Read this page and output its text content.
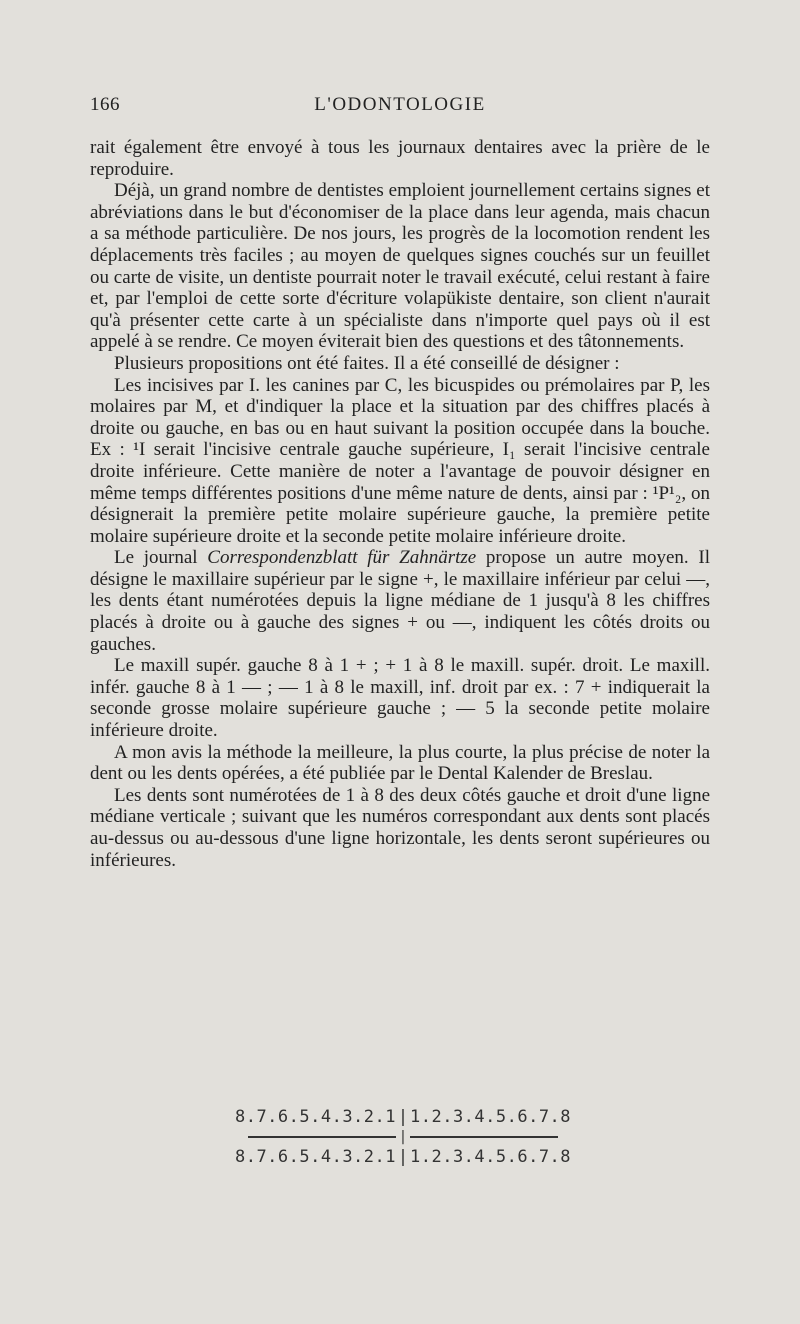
166	L'ODONTOLOGIE

rait également être envoyé à tous les journaux dentaires avec la prière de le reproduire.

Déjà, un grand nombre de dentistes emploient journellement certains signes et abréviations dans le but d'économiser de la place dans leur agenda, mais chacun a sa méthode particulière. De nos jours, les progrès de la locomotion rendent les déplacements très faciles ; au moyen de quelques signes couchés sur un feuillet ou carte de visite, un dentiste pourrait noter le travail exécuté, celui restant à faire et, par l'emploi de cette sorte d'écriture volapükiste dentaire, son client n'aurait qu'à présenter cette carte à un spécialiste dans n'importe quel pays où il est appelé à se rendre. Ce moyen éviterait bien des questions et des tâtonnements.

Plusieurs propositions ont été faites. Il a été conseillé de désigner :

Les incisives par I. les canines par C, les bicuspides ou prémolaires par P, les molaires par M, et d'indiquer la place et la situation par des chiffres placés à droite ou gauche, en bas ou en haut suivant la position occupée dans la bouche. Ex : ¹I serait l'incisive centrale gauche supérieure, I₁ serait l'incisive centrale droite inférieure. Cette manière de noter a l'avantage de pouvoir désigner en même temps différentes positions d'une même nature de dents, ainsi par : ¹P¹₂, on désignerait la première petite molaire supérieure gauche, la première petite molaire supérieure droite et la seconde petite molaire inférieure droite.

Le journal Correspondenzblatt für Zahnärtze propose un autre moyen. Il désigne le maxillaire supérieur par le signe +, le maxillaire inférieur par celui —, les dents étant numérotées depuis la ligne médiane de 1 jusqu'à 8 les chiffres placés à droite ou à gauche des signes + ou —, indiquent les côtés droits ou gauches.

Le maxill supér. gauche 8 à 1 + ; + 1 à 8 le maxill. supér. droit. Le maxill. infér. gauche 8 à 1 — ; — 1 à 8 le maxill, inf. droit par ex. : 7 + indiquerait la seconde grosse molaire supérieure gauche ; — 5 la seconde petite molaire inférieure droite.

A mon avis la méthode la meilleure, la plus courte, la plus précise de noter la dent ou les dents opérées, a été publiée par le Dental Kalender de Breslau.

Les dents sont numérotées de 1 à 8 des deux côtés gauche et droit d'une ligne médiane verticale ; suivant que les numéros correspondant aux dents sont placés au-dessus ou au-dessous d'une ligne horizontale, les dents seront supérieures ou inférieures.

8.7.6.5.4.3.2.1 | 1.2.3.4.5.6.7.8
|
8.7.6.5.4.3.2.1 | 1.2.3.4.5.6.7.8
